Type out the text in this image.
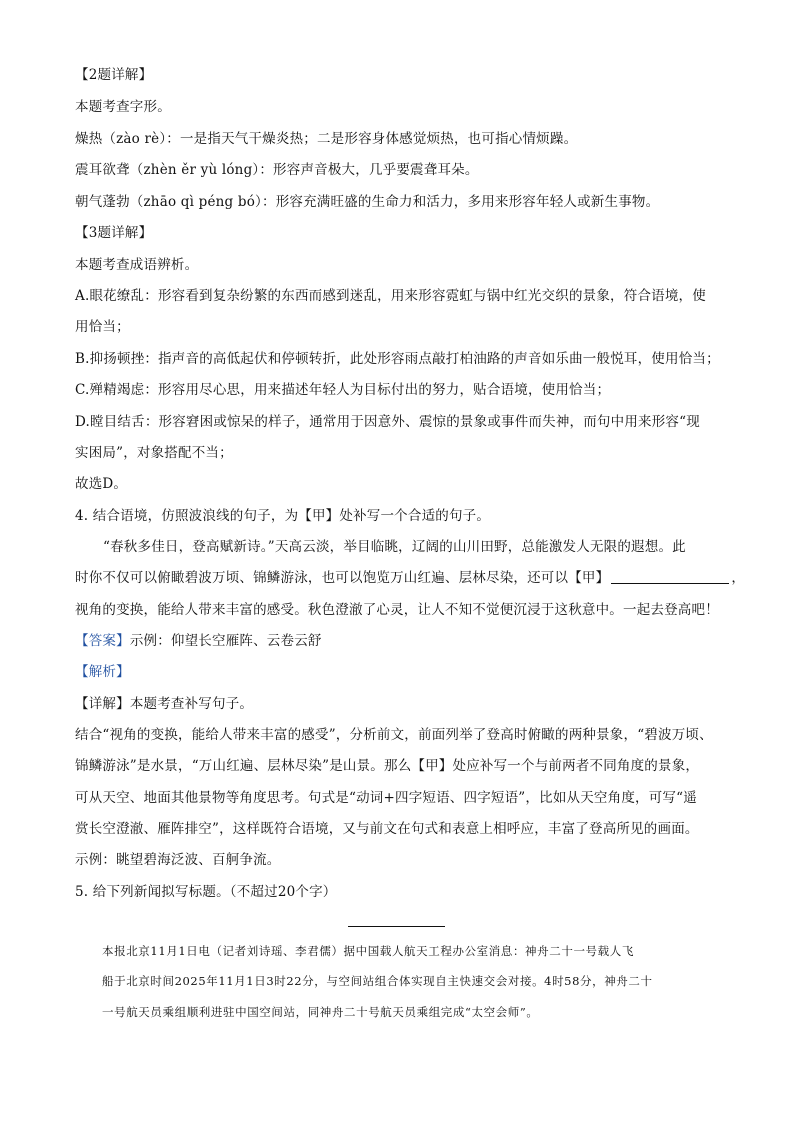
【2题详解】
本题考查字形。
燥热（zào rè）：一是指天气干燥炎热；二是形容身体感觉烦热，也可指心情烦躁。
震耳欲聋（zhèn ěr yù lóng）：形容声音极大，几乎要震聋耳朵。
朝气蓬勃（zhāo qì péng bó）：形容充满旺盛的生命力和活力，多用来形容年轻人或新生事物。
【3题详解】
本题考查成语辨析。
A.眼花缭乱：形容看到复杂纷繁的东西而感到迷乱，用来形容霓虹与锅中红光交织的景象，符合语境，使
用恰当；
B.抑扬顿挫：指声音的高低起伏和停顿转折，此处形容雨点敲打柏油路的声音如乐曲一般悦耳，使用恰当；
C.殚精竭虑：形容用尽心思，用来描述年轻人为目标付出的努力，贴合语境，使用恰当；
D.瞠目结舌：形容窘困或惊呆的样子，通常用于因意外、震惊的景象或事件而失神，而句中用来形容“现
实困局”，对象搭配不当；
故选D。
4. 结合语境，仿照波浪线的句子，为【甲】处补写一个合适的句子。
“春秋多佳日，登高赋新诗。”天高云淡，举目临眺，辽阔的山川田野，总能激发人无限的遐想。此
时你不仅可以俯瞰碧波万顷、锦鳞游泳，也可以饱览万山红遍、层林尽染，还可以【甲】	，
视角的变换，能给人带来丰富的感受。秋色澄澈了心灵，让人不知不觉便沉浸于这秋意中。一起去登高吧！
【答案】示例：仰望长空雁阵、云卷云舒
【解析】
【详解】本题考查补写句子。
结合“视角的变换，能给人带来丰富的感受”，分析前文，前面列举了登高时俯瞰的两种景象，“碧波万顷、
锦鳞游泳”是水景，“万山红遍、层林尽染”是山景。那么【甲】处应补写一个与前两者不同角度的景象，
可从天空、地面其他景物等角度思考。句式是“动词+四字短语、四字短语”，比如从天空角度，可写“遥
赏长空澄澈、雁阵排空”，这样既符合语境，又与前文在句式和表意上相呼应，丰富了登高所见的画面。
示例：眺望碧海泛波、百舸争流。
5. 给下列新闻拟写标题。（不超过20个字）
本报北京11月1日电（记者刘诗瑶、李君儒）据中国载人航天工程办公室消息：神舟二十一号载人飞
船于北京时间2025年11月1日3时22分，与空间站组合体实现自主快速交会对接。4时58分，神舟二十
一号航天员乘组顺利进驻中国空间站，同神舟二十号航天员乘组完成“太空会师”。
